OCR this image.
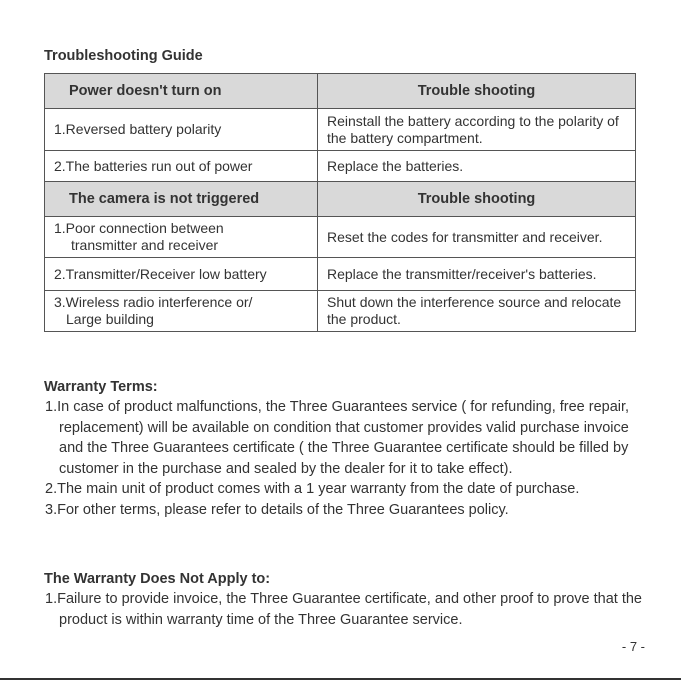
Troubleshooting Guide
Power doesn't turn on	Trouble shooting
1.Reversed battery polarity	Reinstall the battery according to the polarity of the battery compartment.
2.The batteries run out of power	Replace the batteries.
The camera is not triggered	Trouble shooting
1.Poor connection between
transmitter and receiver	Reset the codes for transmitter and receiver.
2.Transmitter/Receiver low battery	Replace the transmitter/receiver's batteries.
3.Wireless radio interference or/
Large building	Shut down the interference source and relocate the product.
Warranty Terms:
1.In case of product malfunctions, the Three Guarantees service ( for refunding, free repair, replacement) will be available on condition that customer provides valid purchase invoice and the Three Guarantees certificate ( the Three Guarantee certificate should be filled by customer in the purchase and sealed by the dealer for it to take effect).
2.The main unit of product comes with a 1 year warranty from the date of purchase.
3.For other terms, please refer to details of the Three Guarantees policy.
The Warranty Does Not Apply to:
1.Failure to provide invoice, the Three Guarantee certificate, and other proof to prove that the product is within warranty time of the Three Guarantee service.
- 7 -
